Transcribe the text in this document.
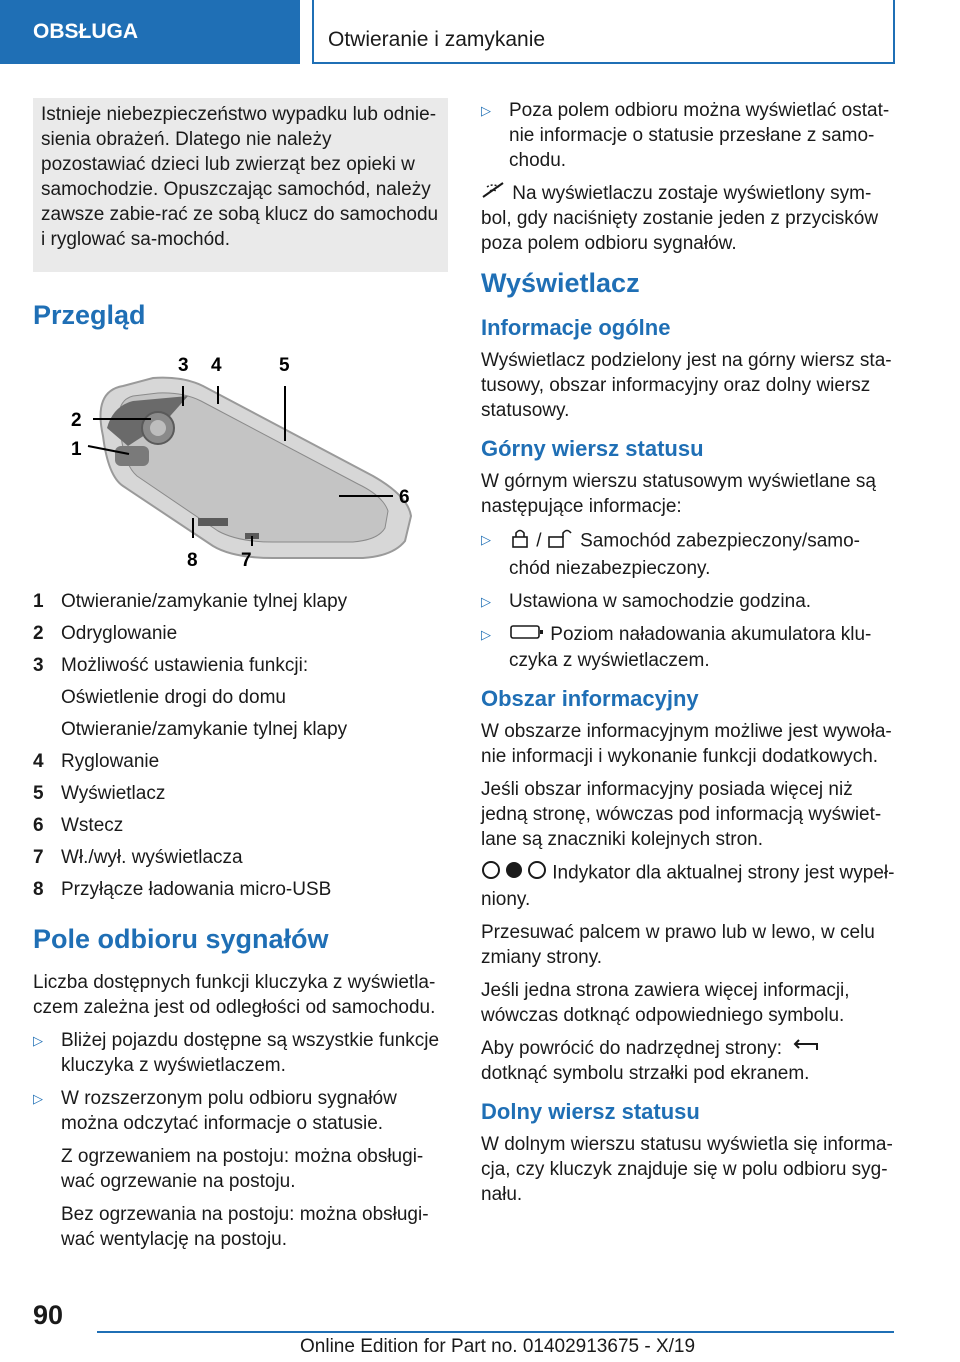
OBSŁUGA	Otwieranie i zamykanie

Istnieje niebezpieczeństwo wypadku lub odnie-sienia obrażeń. Dlatego nie należy pozostawiać dzieci lub zwierząt bez opieki w samochodzie. Opuszczając samochód, należy zawsze zabie-rać ze sobą klucz do samochodu i ryglować sa-mochód.

Przegląd
3 4	5
2
1
6
8 7
1 Otwieranie/zamykanie tylnej klapy
2 Odryglowanie
3 Możliwość ustawienia funkcji:
Oświetlenie drogi do domu
Otwieranie/zamykanie tylnej klapy
4 Ryglowanie
5 Wyświetlacz
6 Wstecz
7 Wł./wył. wyświetlacza
8 Przyłącze ładowania micro-USB
Pole odbioru sygnałów

Liczba dostępnych funkcji kluczyka z wyświetla-czem zależna jest od odległości od samochodu.

▷ Bliżej pojazdu dostępne są wszystkie funkcje kluczyka z wyświetlaczem.
▷ W rozszerzonym polu odbioru sygnałów można odczytać informacje o statusie.

Z ogrzewaniem na postoju: można obsługi-wać ogrzewanie na postoju.

Bez ogrzewania na postoju: można obsługi-wać wentylację na postoju.

▷ Poza polem odbioru można wyświetlać ostat-nie informacje o statusie przesłane z samo-chodu.

Na wyświetlaczu zostaje wyświetlony sym-bol, gdy naciśnięty zostanie jeden z przycisków poza polem odbioru sygnałów.

Wyświetlacz
Informacje ogólne

Wyświetlacz podzielony jest na górny wiersz sta-tusowy, obszar informacyjny oraz dolny wiersz statusowy.

Górny wiersz statusu

W górnym wierszu statusowym wyświetlane są następujące informacje:

▷	/ Samochód zabezpieczony/samo-chód niezabezpieczony.
▷ Ustawiona w samochodzie godzina.
▷	Poziom naładowania akumulatora klu-czyka z wyświetlaczem.
Obszar informacyjny

W obszarze informacyjnym możliwe jest wywoła-nie informacji i wykonanie funkcji dodatkowych.

Jeśli obszar informacyjny posiada więcej niż jedną stronę, wówczas pod informacją wyświet-lane są znaczniki kolejnych stron.

Indykator dla aktualnej strony jest wypeł-niony.

Przesuwać palcem w prawo lub w lewo, w celu zmiany strony.

Jeśli jedna strona zawiera więcej informacji, wówczas dotknąć odpowiedniego symbolu.

Aby powrócić do nadrzędnej strony:  dotknąć symbolu strzałki pod ekranem.

Dolny wiersz statusu

W dolnym wierszu statusu wyświetla się informa-cja, czy kluczyk znajduje się w polu odbioru syg-nału.

90
Online Edition for Part no. 01402913675 - X/19
